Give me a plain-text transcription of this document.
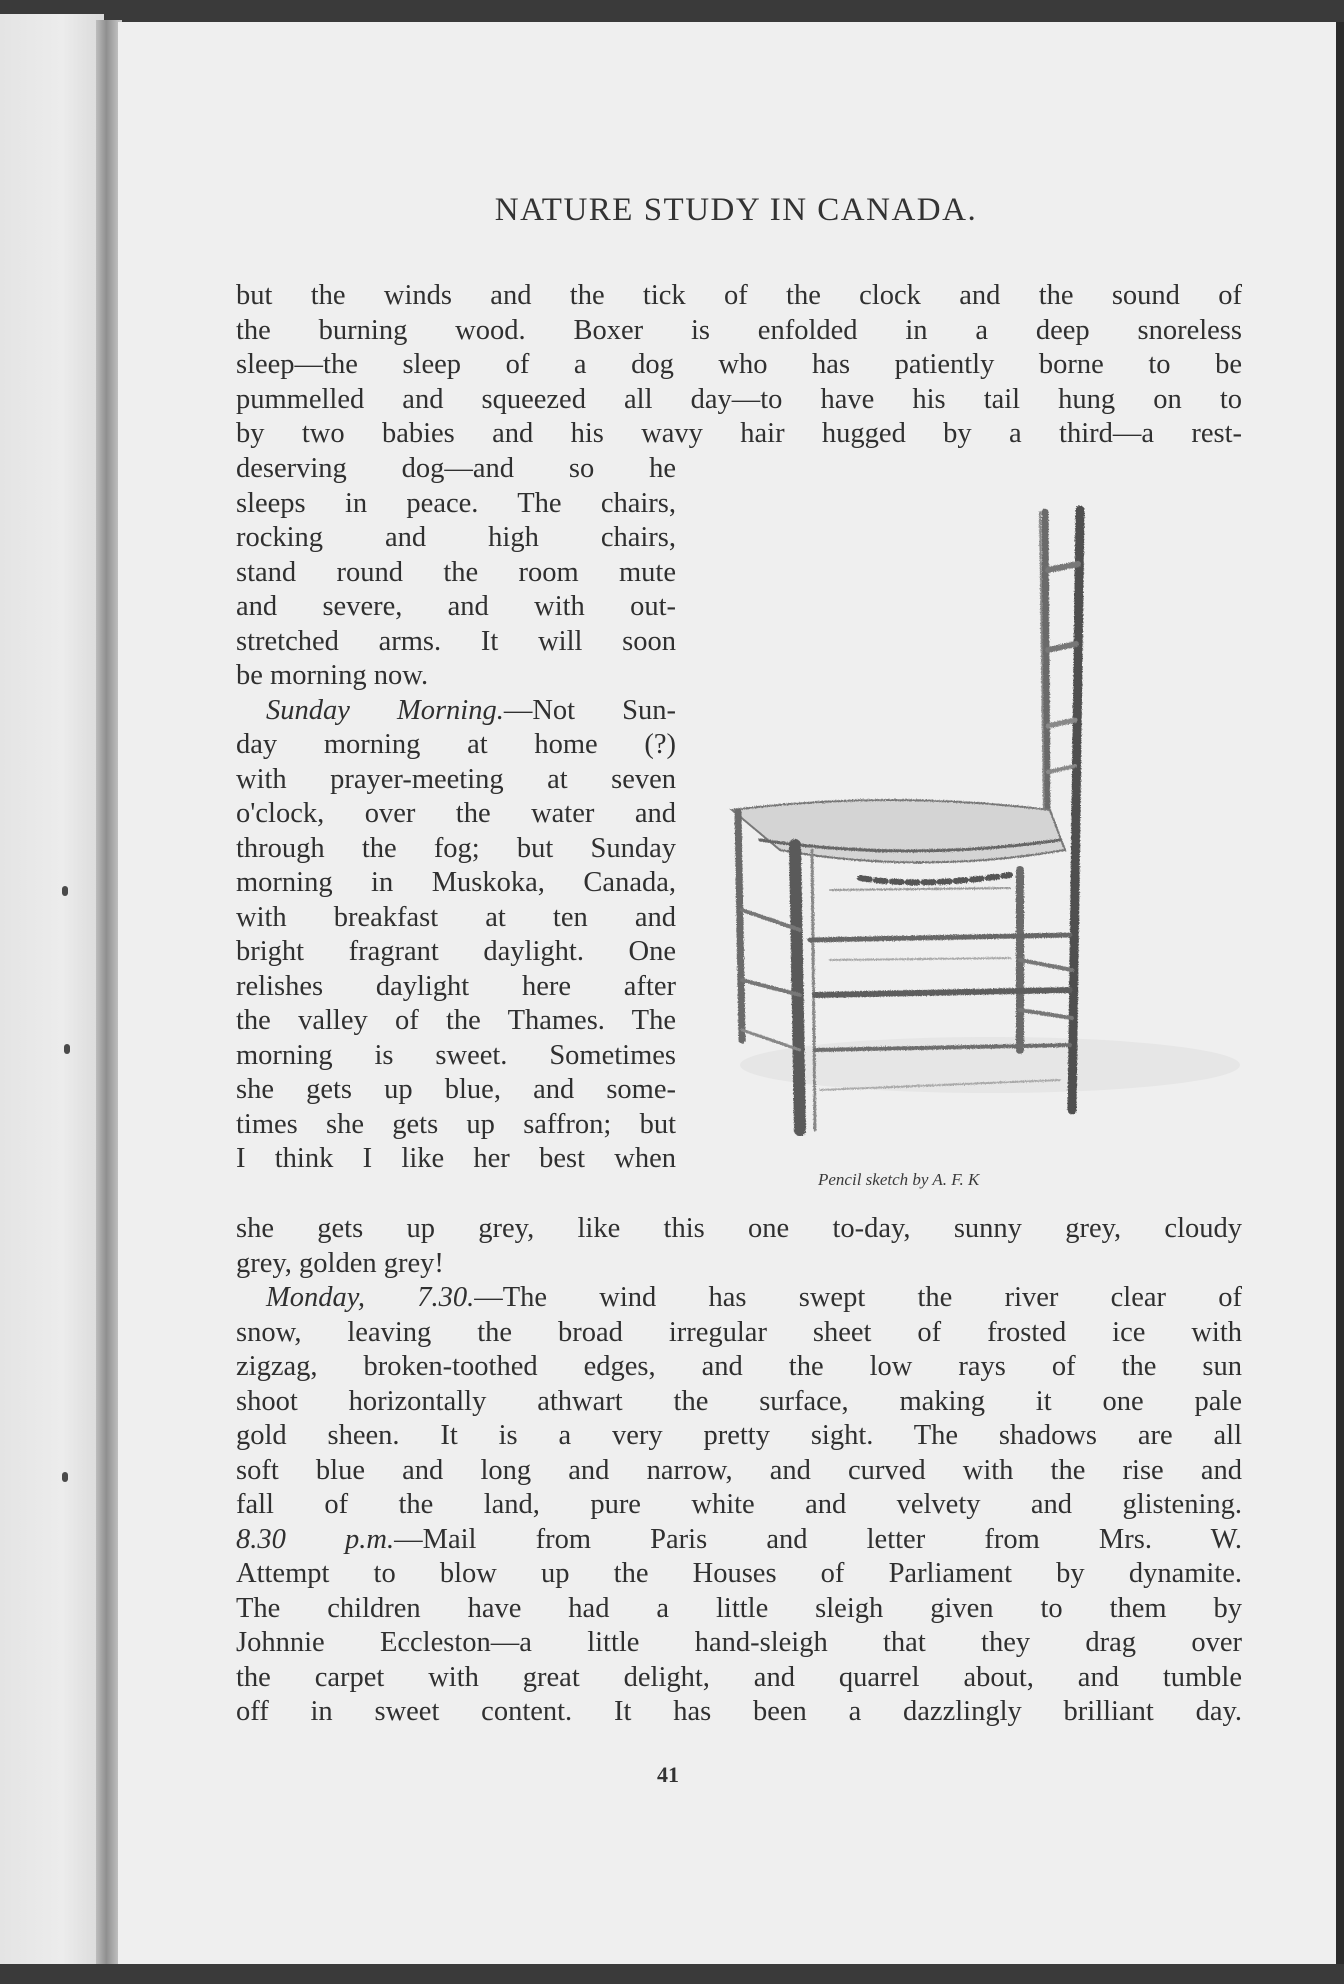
NATURE STUDY IN CANADA.
but the winds and the tick of the clock and the sound of
the burning wood. Boxer is enfolded in a deep snoreless
sleep—the sleep of a dog who has patiently borne to be
pummelled and squeezed all day—to have his tail hung on to
by two babies and his wavy hair hugged by a third—a rest-
deserving dog—and so he
sleeps in peace. The chairs,
rocking and high chairs,
stand round the room mute
and severe, and with out-
stretched arms. It will soon
be morning now.
Sunday Morning.—Not Sun-
day morning at home (?)
with prayer-meeting at seven
o'clock, over the water and
through the fog; but Sunday
morning in Muskoka, Canada,
with breakfast at ten and
bright fragrant daylight. One
relishes daylight here after
the valley of the Thames. The
morning is sweet. Sometimes
she gets up blue, and some-
times she gets up saffron; but
I think I like her best when
she gets up grey, like this one to-day, sunny grey, cloudy
grey, golden grey!
Monday, 7.30.—The wind has swept the river clear of
snow, leaving the broad irregular sheet of frosted ice with
zigzag, broken-toothed edges, and the low rays of the sun
shoot horizontally athwart the surface, making it one pale
gold sheen. It is a very pretty sight. The shadows are all
soft blue and long and narrow, and curved with the rise and
fall of the land, pure white and velvety and glistening.
8.30 p.m.—Mail from Paris and letter from Mrs. W.
Attempt to blow up the Houses of Parliament by dynamite.
The children have had a little sleigh given to them by
Johnnie Eccleston—a little hand-sleigh that they drag over
the carpet with great delight, and quarrel about, and tumble
off in sweet content. It has been a dazzlingly brilliant day.
Pencil sketch by A. F. K
41
